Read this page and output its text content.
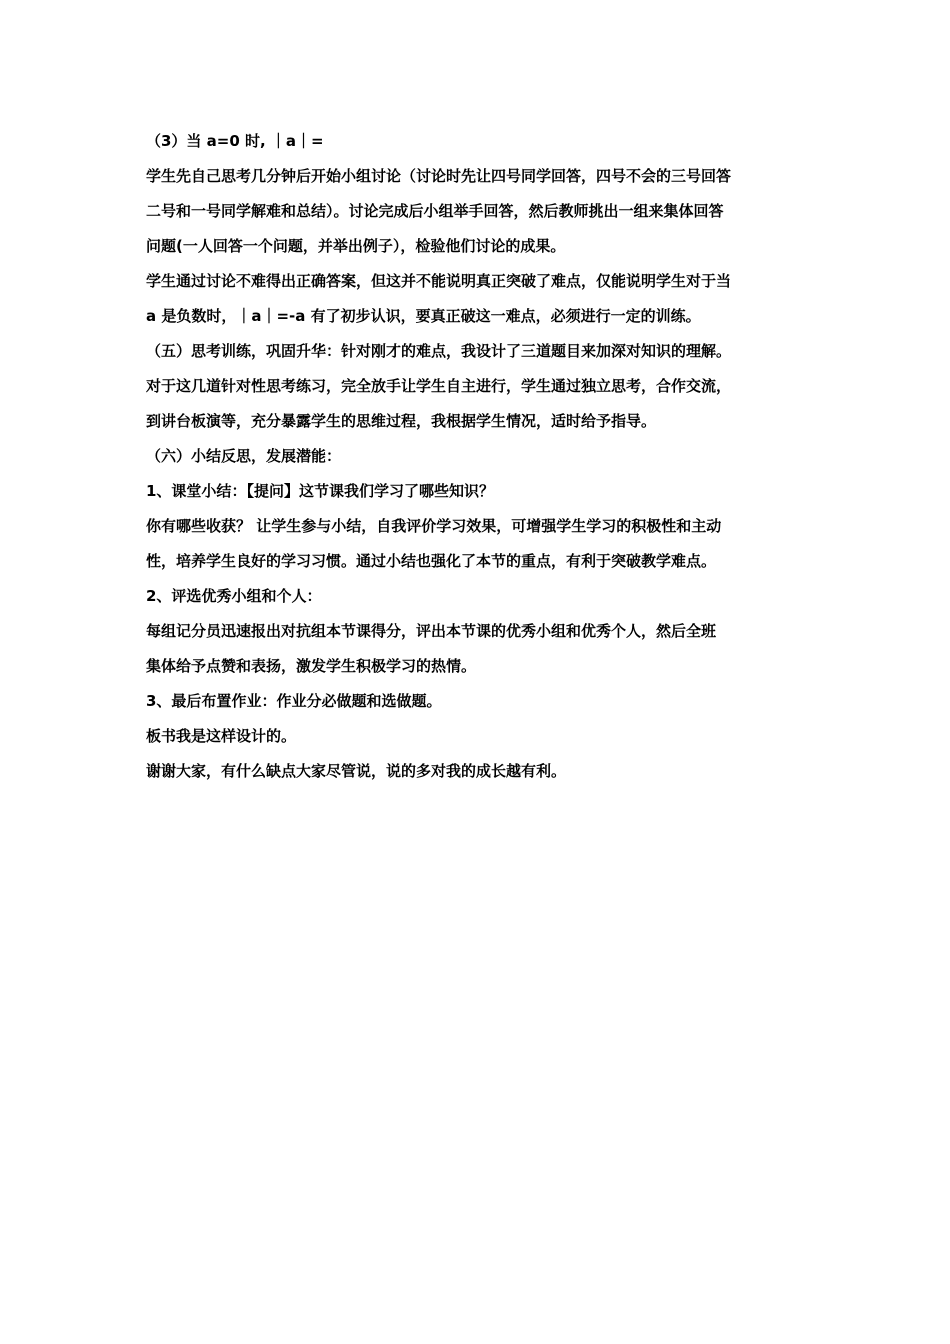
（3）当 a=0 时, ｜a｜=
学生先自己思考几分钟后开始小组讨论（讨论时先让四号同学回答，四号不会的三号回答
二号和一号同学解难和总结）。讨论完成后小组举手回答，然后教师挑出一组来集体回答
问题(一人回答一个问题，并举出例子），检验他们讨论的成果。
学生通过讨论不难得出正确答案，但这并不能说明真正突破了难点，仅能说明学生对于当
a 是负数时，｜a｜=-a 有了初步认识，要真正破这一难点，必须进行一定的训练。
（五）思考训练，巩固升华：针对刚才的难点，我设计了三道题目来加深对知识的理解。
对于这几道针对性思考练习，完全放手让学生自主进行，学生通过独立思考，合作交流，
到讲台板演等，充分暴露学生的思维过程，我根据学生情况，适时给予指导。
（六）小结反思，发展潜能：
1、课堂小结：【提问】这节课我们学习了哪些知识？
你有哪些收获？ 让学生参与小结，自我评价学习效果，可增强学生学习的积极性和主动
性，培养学生良好的学习习惯。通过小结也强化了本节的重点，有利于突破教学难点。
2、评选优秀小组和个人：
每组记分员迅速报出对抗组本节课得分，评出本节课的优秀小组和优秀个人，然后全班
集体给予点赞和表扬，激发学生积极学习的热情。
3、最后布置作业：作业分必做题和选做题。
板书我是这样设计的。
谢谢大家，有什么缺点大家尽管说，说的多对我的成长越有利。
